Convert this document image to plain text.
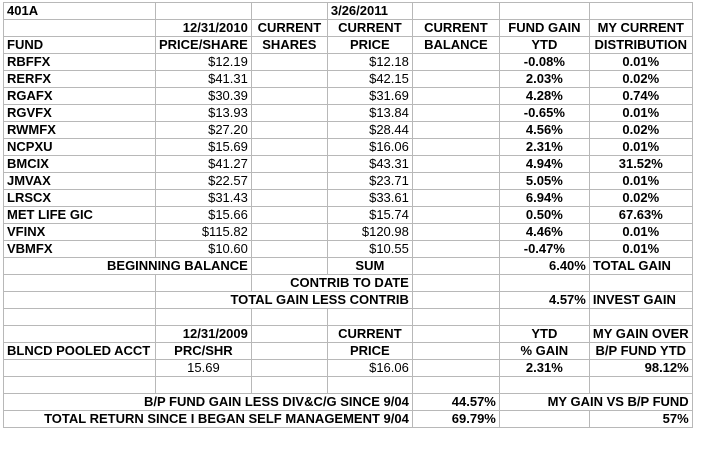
401A			3/26/2011			
	12/31/2010	CURRENT	CURRENT	CURRENT	FUND GAIN	MY CURRENT
FUND	PRICE/SHARE	SHARES	PRICE	BALANCE	YTD	DISTRIBUTION
RBFFX	$12.19		$12.18		-0.08%	0.01%
RERFX	$41.31		$42.15		2.03%	0.02%
RGAFX	$30.39		$31.69		4.28%	0.74%
RGVFX	$13.93		$13.84		-0.65%	0.01%
RWMFX	$27.20		$28.44		4.56%	0.02%
NCPXU	$15.69		$16.06		2.31%	0.01%
BMCIX	$41.27		$43.31		4.94%	31.52%
JMVAX	$22.57		$23.71		5.05%	0.01%
LRSCX	$31.43		$33.61		6.94%	0.02%
MET LIFE GIC	$15.66		$15.74		0.50%	67.63%
VFINX	$115.82		$120.98		4.46%	0.01%
VBMFX	$10.60		$10.55		-0.47%	0.01%
BEGINNING BALANCE			SUM		6.40%	TOTAL GAIN
		CONTRIB TO DATE				
	TOTAL GAIN LESS CONTRIB				4.57%	INVEST GAIN

	12/31/2009		CURRENT		YTD	MY GAIN OVER
BLNCD POOLED ACCT	PRC/SHR		PRICE		% GAIN	B/P FUND YTD
	15.69		$16.06		2.31%	98.12%

B/P FUND GAIN LESS DIV&C/G SINCE 9/04				44.57%	MY GAIN VS B/P FUND	
TOTAL RETURN SINCE I BEGAN SELF MANAGEMENT 9/04				69.79%		57%
